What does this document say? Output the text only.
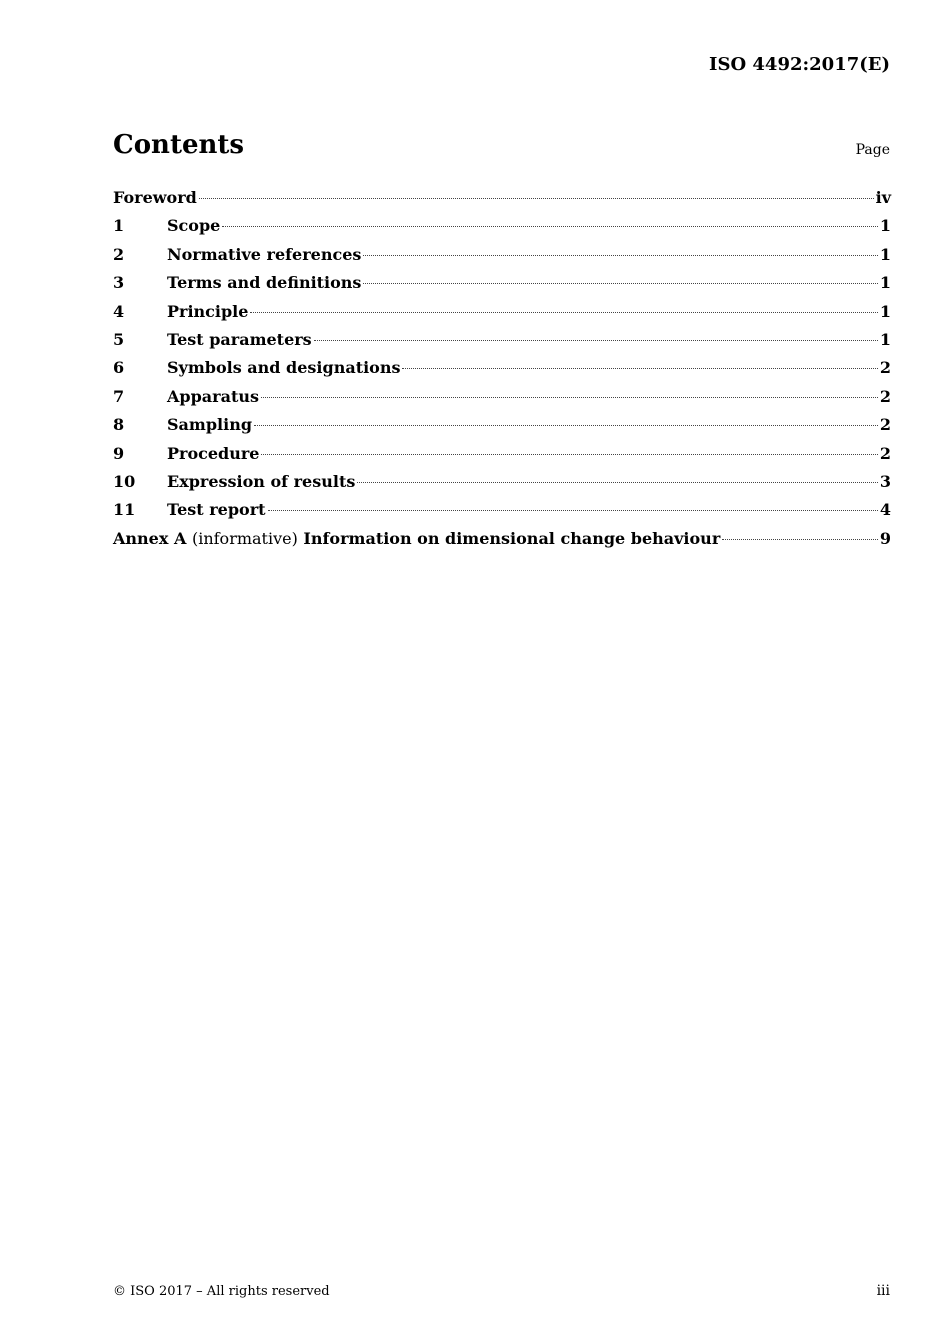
ISO 4492:2017(E)
Contents	Page
Foreword	iv
1	Scope	1
2	Normative references	1
3	Terms and definitions	1
4	Principle	1
5	Test parameters	1
6	Symbols and designations	2
7	Apparatus	2
8	Sampling	2
9	Procedure	2
10	Expression of results	3
11	Test report	4
Annex A (informative) Information on dimensional change behaviour	9
© ISO 2017 – All rights reserved	iii
